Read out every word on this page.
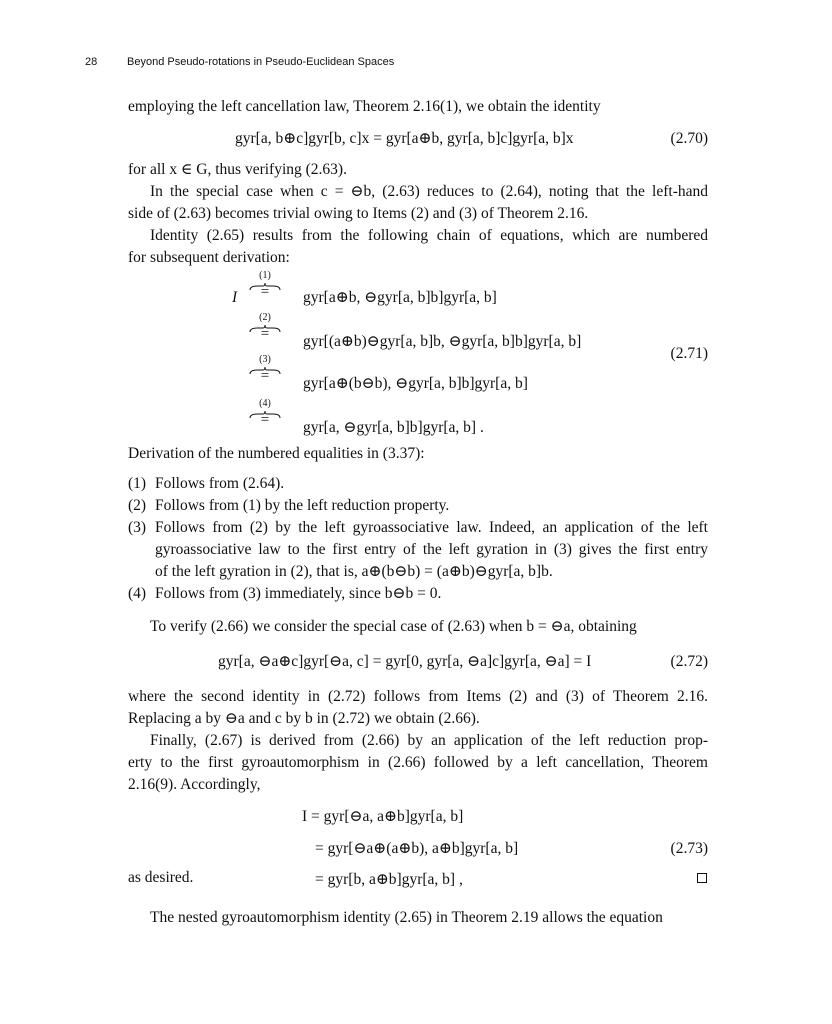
28	Beyond Pseudo-rotations in Pseudo-Euclidean Spaces
employing the left cancellation law, Theorem 2.16(1), we obtain the identity
gyr[a, b⊕c]gyr[b, c]x = gyr[a⊕b, gyr[a, b]c]gyr[a, b]x	(2.70)
for all x ∈ G, thus verifying (2.63).
In the special case when c = ⊖b, (2.63) reduces to (2.64), noting that the left-hand
side of (2.63) becomes trivial owing to Items (2) and (3) of Theorem 2.16.
Identity (2.65) results from the following chain of equations, which are numbered
for subsequent derivation:
I
(1)
=	gyr[a⊕b, ⊖gyr[a, b]b]gyr[a, b]
(2)
=	gyr[(a⊕b)⊖gyr[a, b]b, ⊖gyr[a, b]b]gyr[a, b]
(3)
=	gyr[a⊕(b⊖b), ⊖gyr[a, b]b]gyr[a, b]
(4)
=	gyr[a, ⊖gyr[a, b]b]gyr[a, b] .
(2.71)
Derivation of the numbered equalities in (3.37):
(1) Follows from (2.64).
(2) Follows from (1) by the left reduction property.
(3) Follows from (2) by the left gyroassociative law. Indeed, an application of the left
gyroassociative law to the first entry of the left gyration in (3) gives the first entry
of the left gyration in (2), that is, a⊕(b⊖b) = (a⊕b)⊖gyr[a, b]b.
(4) Follows from (3) immediately, since b⊖b = 0.
To verify (2.66) we consider the special case of (2.63) when b = ⊖a, obtaining
gyr[a, ⊖a⊕c]gyr[⊖a, c] = gyr[0, gyr[a, ⊖a]c]gyr[a, ⊖a] = I	(2.72)
where the second identity in (2.72) follows from Items (2) and (3) of Theorem 2.16.
Replacing a by ⊖a and c by b in (2.72) we obtain (2.66).
Finally, (2.67) is derived from (2.66) by an application of the left reduction prop-
erty to the first gyroautomorphism in (2.66) followed by a left cancellation, Theorem
2.16(9). Accordingly,
I = gyr[⊖a, a⊕b]gyr[a, b]
= gyr[⊖a⊕(a⊕b), a⊕b]gyr[a, b]
= gyr[b, a⊕b]gyr[a, b] ,
(2.73)
as desired.
The nested gyroautomorphism identity (2.65) in Theorem 2.19 allows the equation
